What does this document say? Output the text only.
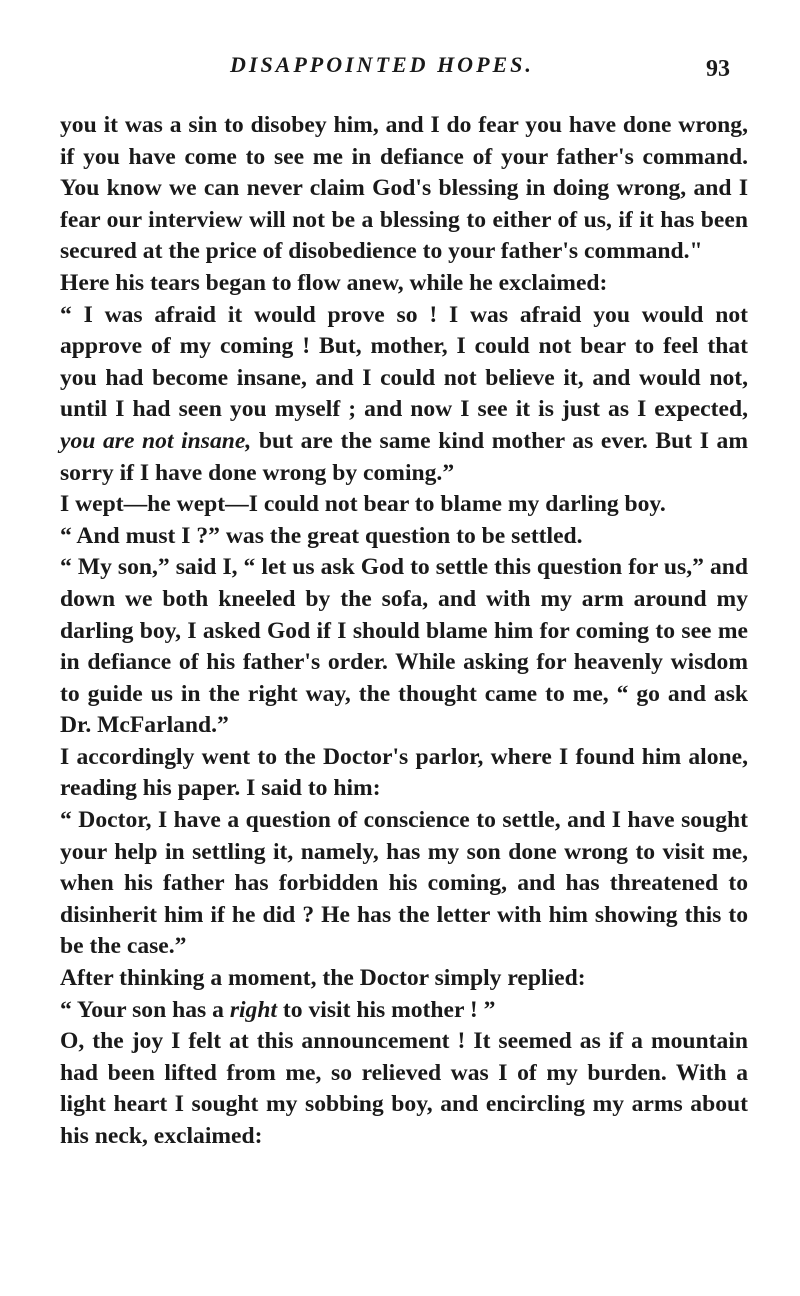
DISAPPOINTED HOPES.	93

you it was a sin to disobey him, and I do fear you have done wrong, if you have come to see me in defiance of your father's command. You know we can never claim God's blessing in doing wrong, and I fear our interview will not be a blessing to either of us, if it has been secured at the price of disobedience to your father's command."

Here his tears began to flow anew, while he exclaimed:

“ I was afraid it would prove so ! I was afraid you would not approve of my coming ! But, mother, I could not bear to feel that you had become insane, and I could not believe it, and would not, until I had seen you myself ; and now I see it is just as I expected, you are not insane, but are the same kind mother as ever. But I am sorry if I have done wrong by coming.”

I wept—he wept—I could not bear to blame my darling boy.

“ And must I ?” was the great question to be settled.

“ My son,” said I, “ let us ask God to settle this question for us,” and down we both kneeled by the sofa, and with my arm around my darling boy, I asked God if I should blame him for coming to see me in defiance of his father's order. While asking for heavenly wisdom to guide us in the right way, the thought came to me, “ go and ask Dr. McFarland.”

I accordingly went to the Doctor's parlor, where I found him alone, reading his paper. I said to him:

“ Doctor, I have a question of conscience to settle, and I have sought your help in settling it, namely, has my son done wrong to visit me, when his father has forbidden his coming, and has threatened to disinherit him if he did ? He has the letter with him showing this to be the case.”

After thinking a moment, the Doctor simply replied:

“ Your son has a right to visit his mother ! ”

O, the joy I felt at this announcement ! It seemed as if a mountain had been lifted from me, so relieved was I of my burden. With a light heart I sought my sobbing boy, and encircling my arms about his neck, exclaimed:
